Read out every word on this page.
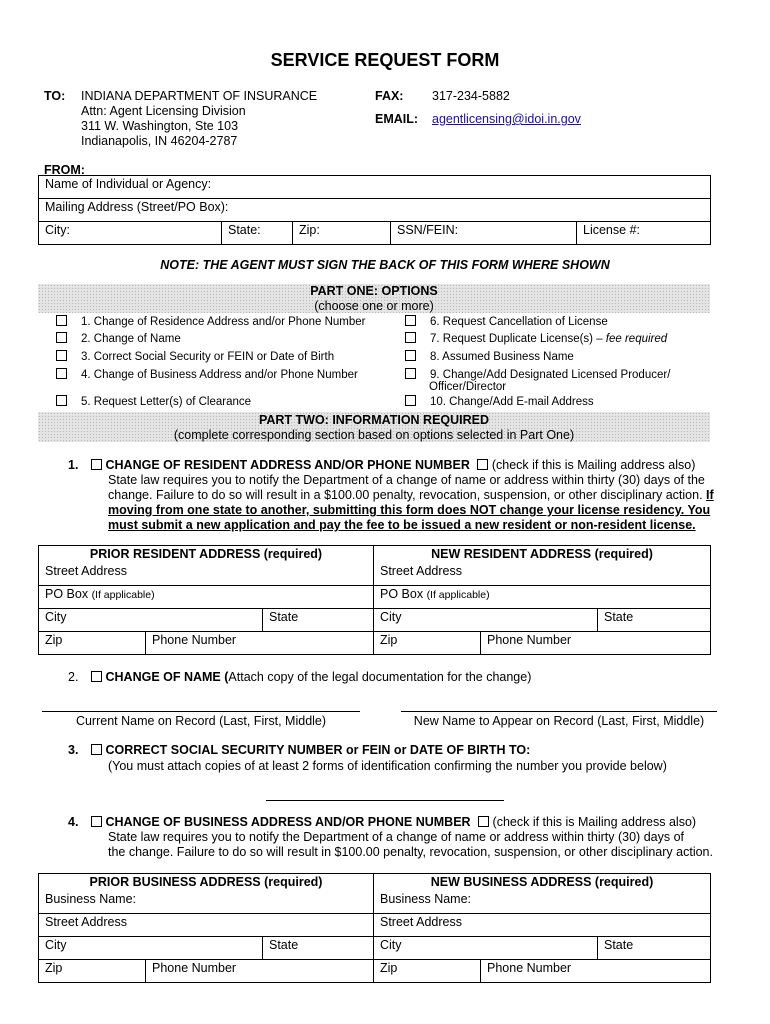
SERVICE REQUEST FORM
TO: INDIANA DEPARTMENT OF INSURANCE
Attn: Agent Licensing Division
311 W. Washington, Ste 103
Indianapolis, IN 46204-2787
FAX: 317-234-5882
EMAIL: agentlicensing@idoi.in.gov
FROM:
Name of Individual or Agency:
Mailing Address (Street/PO Box):
City:	State:	Zip:	SSN/FEIN:	License #:
NOTE: THE AGENT MUST SIGN THE BACK OF THIS FORM WHERE SHOWN
PART ONE: OPTIONS
(choose one or more)
1. Change of Residence Address and/or Phone Number
2. Change of Name
3. Correct Social Security or FEIN or Date of Birth
4. Change of Business Address and/or Phone Number
5. Request Letter(s) of Clearance
6. Request Cancellation of License
7. Request Duplicate License(s) – fee required
8. Assumed Business Name
9. Change/Add Designated Licensed Producer/
Officer/Director
10. Change/Add E-mail Address
PART TWO: INFORMATION REQUIRED
(complete corresponding section based on options selected in Part One)
1.	CHANGE OF RESIDENT ADDRESS AND/OR PHONE NUMBER (check if this is Mailing address also)
State law requires you to notify the Department of a change of name or address within thirty (30) days of the
change. Failure to do so will result in a $100.00 penalty, revocation, suspension, or other disciplinary action. If
moving from one state to another, submitting this form does NOT change your license residency. You
must submit a new application and pay the fee to be issued a new resident or non-resident license.
PRIOR RESIDENT ADDRESS (required)			NEW RESIDENT ADDRESS (required)		
Street Address			Street Address		
PO Box (If applicable)			PO Box (If applicable)		
City		State	City		State
Zip	Phone Number		Zip	Phone Number	
2.	CHANGE OF NAME (Attach copy of the legal documentation for the change)
Current Name on Record (Last, First, Middle)	New Name to Appear on Record (Last, First, Middle)
3.	CORRECT SOCIAL SECURITY NUMBER or FEIN or DATE OF BIRTH TO:
(You must attach copies of at least 2 forms of identification confirming the number you provide below)
4.	CHANGE OF BUSINESS ADDRESS AND/OR PHONE NUMBER (check if this is Mailing address also)
State law requires you to notify the Department of a change of name or address within thirty (30) days of
the change. Failure to do so will result in $100.00 penalty, revocation, suspension, or other disciplinary action.
PRIOR BUSINESS ADDRESS (required)			NEW BUSINESS ADDRESS (required)		
Business Name:			Business Name:		
Street Address			Street Address		
City		State	City		State
Zip	Phone Number		Zip	Phone Number	
